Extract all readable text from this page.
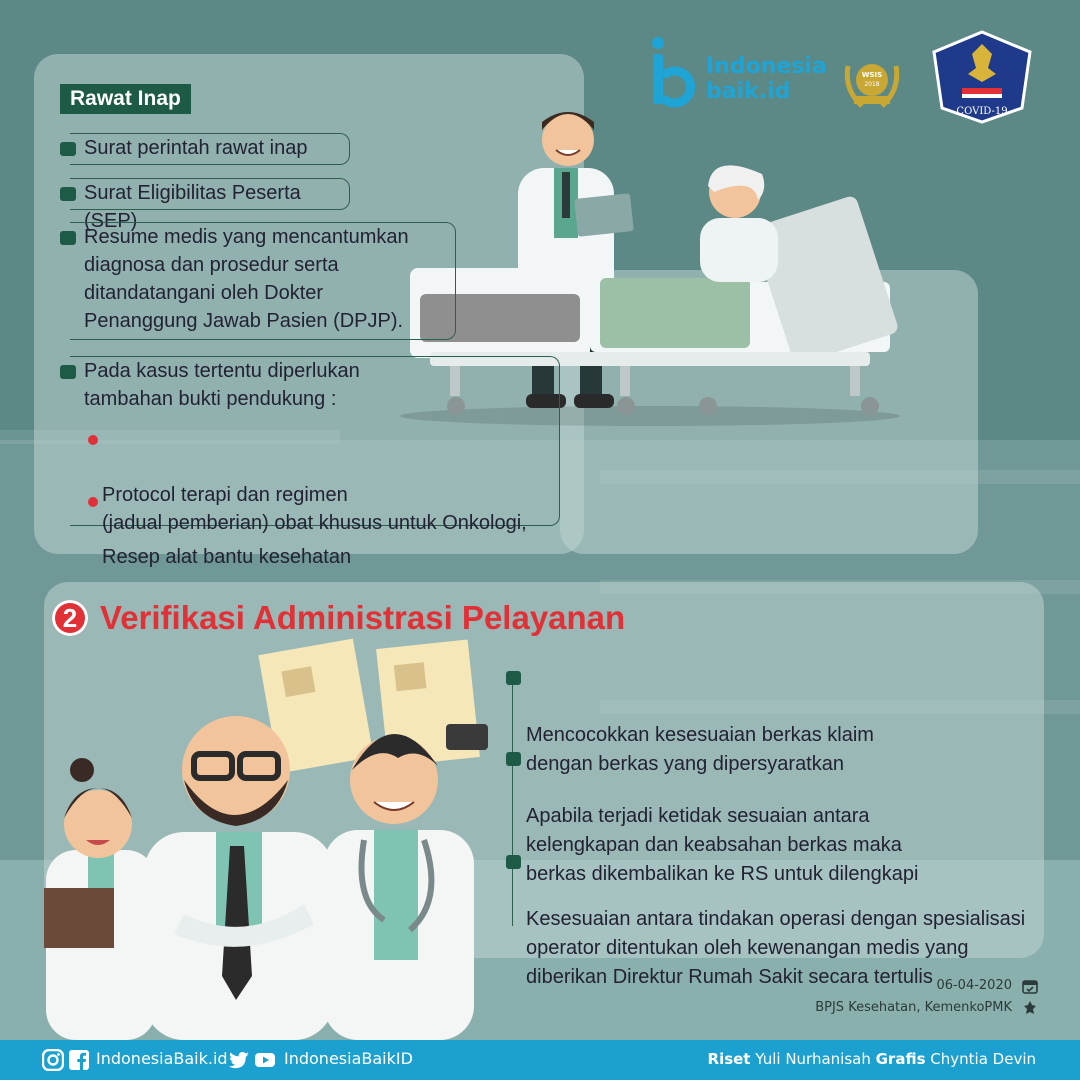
Indonesia
baik.id
WSIS
2018
COVID-19
Rawat Inap
Surat perintah rawat inap
Surat Eligibilitas Peserta (SEP)
Resume medis yang mencantumkan
diagnosa dan prosedur serta
ditandatangani oleh Dokter
Penanggung Jawab Pasien (DPJP).
Pada kasus tertentu diperlukan
tambahan bukti pendukung :

Protocol terapi dan regimen
(jadual pemberian) obat khusus untuk Onkologi,

Resep alat bantu kesehatan

2 Verifikasi Administrasi Pelayanan

Mencocokkan kesesuaian berkas klaim
dengan berkas yang dipersyaratkan

Apabila terjadi ketidak sesuaian antara
kelengkapan dan keabsahan berkas maka
berkas dikembalikan ke RS untuk dilengkapi

Kesesuaian antara tindakan operasi dengan spesialisasi
operator ditentukan oleh kewenangan medis yang
diberikan Direktur Rumah Sakit secara tertulis 06-04-2020
BPJS Kesehatan, KemenkoPMK
IndonesiaBaik.id	IndonesiaBaikID	Riset Yuli Nurhanisah Grafis Chyntia Devin
